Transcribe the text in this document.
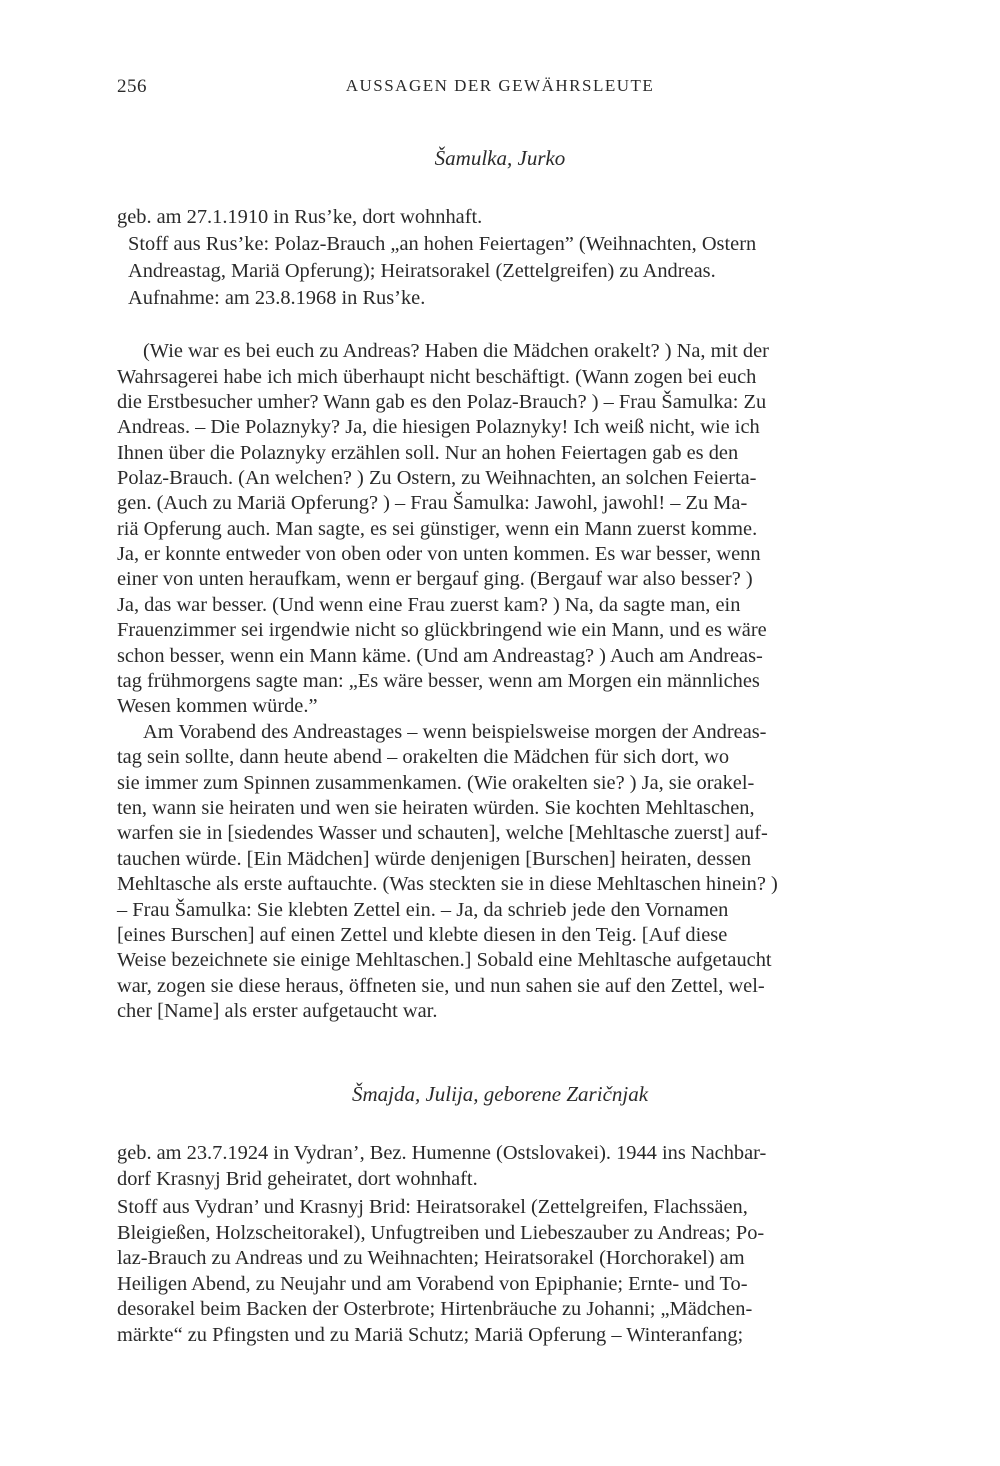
256	AUSSAGEN DER GEWÄHRSLEUTE
Šamulka, Jurko
geb. am 27.1.1910 in Rus’ke, dort wohnhaft.
Stoff aus Rus’ke: Polaz-Brauch „an hohen Feiertagen” (Weihnachten, Ostern
Andreastag, Mariä Opferung); Heiratsorakel (Zettelgreifen) zu Andreas.
Aufnahme: am 23.8.1968 in Rus’ke.
(Wie war es bei euch zu Andreas? Haben die Mädchen orakelt? ) Na, mit der
Wahrsagerei habe ich mich überhaupt nicht beschäftigt. (Wann zogen bei euch
die Erstbesucher umher? Wann gab es den Polaz-Brauch? ) – Frau Šamulka: Zu
Andreas. – Die Polaznyky? Ja, die hiesigen Polaznyky! Ich weiß nicht, wie ich
Ihnen über die Polaznyky erzählen soll. Nur an hohen Feiertagen gab es den
Polaz-Brauch. (An welchen? ) Zu Ostern, zu Weihnachten, an solchen Feierta-
gen. (Auch zu Mariä Opferung? ) – Frau Šamulka: Jawohl, jawohl! – Zu Ma-
riä Opferung auch. Man sagte, es sei günstiger, wenn ein Mann zuerst komme.
Ja, er konnte entweder von oben oder von unten kommen. Es war besser, wenn
einer von unten heraufkam, wenn er bergauf ging. (Bergauf war also besser? )
Ja, das war besser. (Und wenn eine Frau zuerst kam? ) Na, da sagte man, ein
Frauenzimmer sei irgendwie nicht so glückbringend wie ein Mann, und es wäre
schon besser, wenn ein Mann käme. (Und am Andreastag? ) Auch am Andreas-
tag frühmorgens sagte man: „Es wäre besser, wenn am Morgen ein männliches
Wesen kommen würde.”
Am Vorabend des Andreastages – wenn beispielsweise morgen der Andreas-
tag sein sollte, dann heute abend – orakelten die Mädchen für sich dort, wo
sie immer zum Spinnen zusammenkamen. (Wie orakelten sie? ) Ja, sie orakel-
ten, wann sie heiraten und wen sie heiraten würden. Sie kochten Mehltaschen,
warfen sie in [siedendes Wasser und schauten], welche [Mehltasche zuerst] auf-
tauchen würde. [Ein Mädchen] würde denjenigen [Burschen] heiraten, dessen
Mehltasche als erste auftauchte. (Was steckten sie in diese Mehltaschen hinein? )
– Frau Šamulka: Sie klebten Zettel ein. – Ja, da schrieb jede den Vornamen
[eines Burschen] auf einen Zettel und klebte diesen in den Teig. [Auf diese
Weise bezeichnete sie einige Mehltaschen.] Sobald eine Mehltasche aufgetaucht
war, zogen sie diese heraus, öffneten sie, und nun sahen sie auf den Zettel, wel-
cher [Name] als erster aufgetaucht war.
Šmajda, Julija, geborene Zaričnjak
geb. am 23.7.1924 in Vydran’, Bez. Humenne (Ostslovakei). 1944 ins Nachbar-
dorf Krasnyj Brid geheiratet, dort wohnhaft.
Stoff aus Vydran’ und Krasnyj Brid: Heiratsorakel (Zettelgreifen, Flachssäen,
Bleigießen, Holzscheitorakel), Unfugtreiben und Liebeszauber zu Andreas; Po-
laz-Brauch zu Andreas und zu Weihnachten; Heiratsorakel (Horchorakel) am
Heiligen Abend, zu Neujahr und am Vorabend von Epiphanie; Ernte- und To-
desorakel beim Backen der Osterbrote; Hirtenbräuche zu Johanni; „Mädchen-
märkte“ zu Pfingsten und zu Mariä Schutz; Mariä Opferung – Winteranfang;
